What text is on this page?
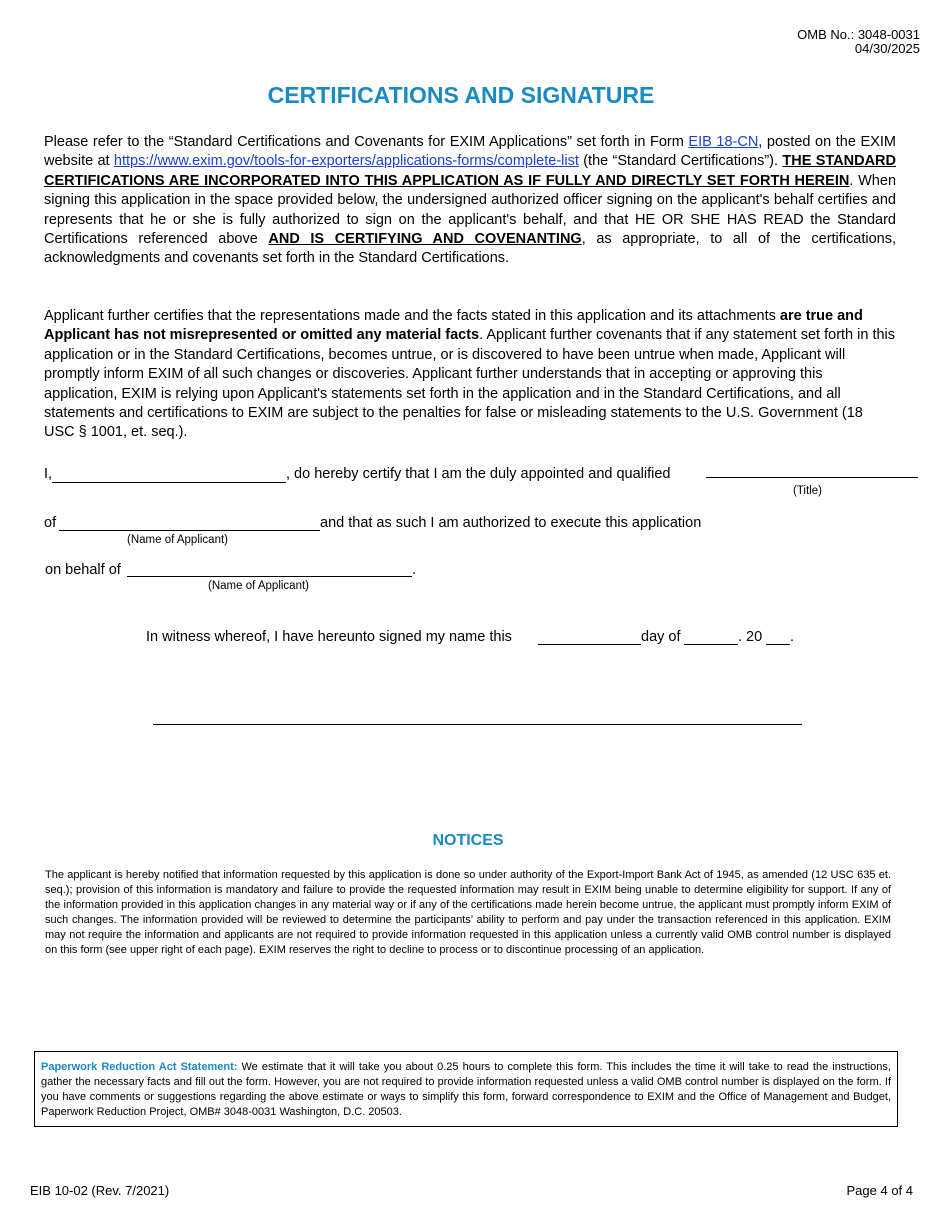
OMB No.: 3048-0031
04/30/2025
CERTIFICATIONS AND SIGNATURE
Please refer to the “Standard Certifications and Covenants for EXIM Applications” set forth in Form EIB 18-CN, posted on the EXIM website at https://www.exim.gov/tools-for-exporters/applications-forms/complete-list (the “Standard Certifications”). THE STANDARD CERTIFICATIONS ARE INCORPORATED INTO THIS APPLICATION AS IF FULLY AND DIRECTLY SET FORTH HEREIN. When signing this application in the space provided below, the undersigned authorized officer signing on the applicant's behalf certifies and represents that he or she is fully authorized to sign on the applicant's behalf, and that HE OR SHE HAS READ the Standard Certifications referenced above AND IS CERTIFYING AND COVENANTING, as appropriate, to all of the certifications, acknowledgments and covenants set forth in the Standard Certifications.
Applicant further certifies that the representations made and the facts stated in this application and its attachments are true and Applicant has not misrepresented or omitted any material facts. Applicant further covenants that if any statement set forth in this application or in the Standard Certifications, becomes untrue, or is discovered to have been untrue when made, Applicant will promptly inform EXIM of all such changes or discoveries. Applicant further understands that in accepting or approving this application, EXIM is relying upon Applicant's statements set forth in the application and in the Standard Certifications, and all statements and certifications to EXIM are subject to the penalties for false or misleading statements to the U.S. Government (18 USC § 1001, et. seq.).
I,	, do hereby certify that I am the duly appointed and qualified
(Title)
of	and that as such I am authorized to execute this application
(Name of Applicant)
on behalf of	.
(Name of Applicant)
In witness whereof, I have hereunto signed my name this	day of	. 20 .
NOTICES
The applicant is hereby notified that information requested by this application is done so under authority of the Export-Import Bank Act of 1945, as amended (12 USC 635 et. seq.); provision of this information is mandatory and failure to provide the requested information may result in EXIM being unable to determine eligibility for support. If any of the information provided in this application changes in any material way or if any of the certifications made herein become untrue, the applicant must promptly inform EXIM of such changes. The information provided will be reviewed to determine the participants’ ability to perform and pay under the transaction referenced in this application. EXIM may not require the information and applicants are not required to provide information requested in this application unless a currently valid OMB control number is displayed on this form (see upper right of each page). EXIM reserves the right to decline to process or to discontinue processing of an application.
Paperwork Reduction Act Statement: We estimate that it will take you about 0.25 hours to complete this form. This includes the time it will take to read the instructions, gather the necessary facts and fill out the form. However, you are not required to provide information requested unless a valid OMB control number is displayed on the form. If you have comments or suggestions regarding the above estimate or ways to simplify this form, forward correspondence to EXIM and the Office of Management and Budget, Paperwork Reduction Project, OMB# 3048-0031 Washington, D.C. 20503.
EIB 10-02 (Rev. 7/2021)	Page 4 of 4
